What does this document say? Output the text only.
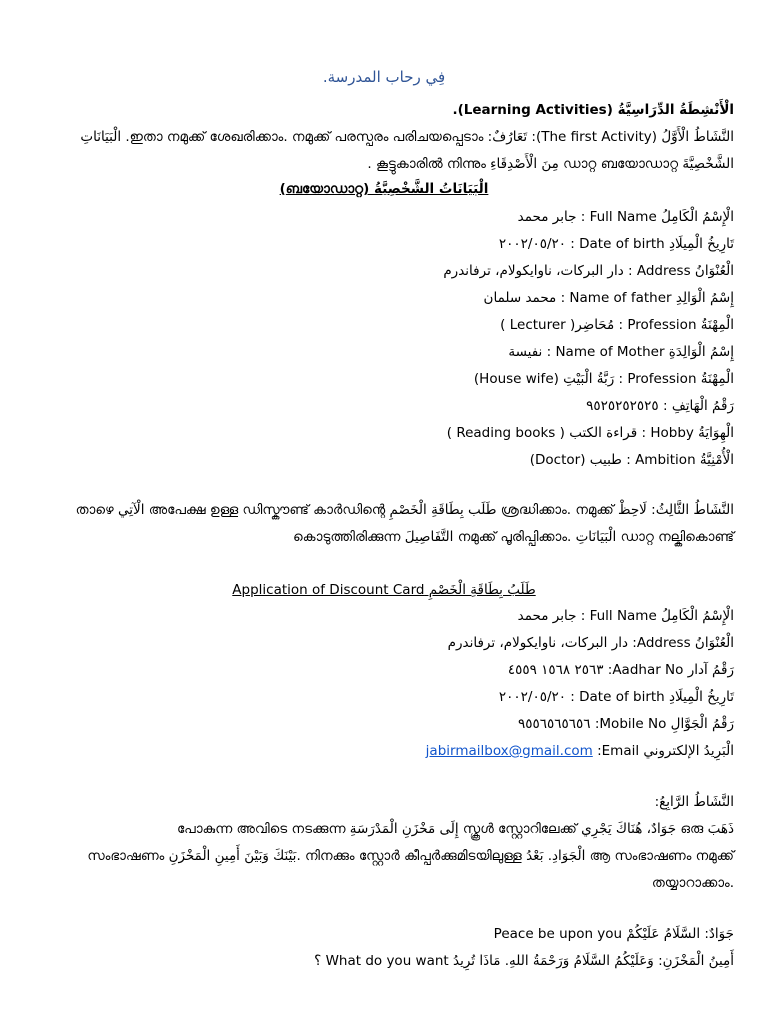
فِي رحاب المدرسة.
الْأَنْشِطَةُ الدِّرَاسِيَّةُ (Learning Activities).
النَّشَاطُ الْأَوَّلُ (The first Activity): تَعَارُفٌ: ഇതാ നമുക്ക് ശേഖരിക്കാം. നമുക്ക് പരസ്പരം പരിചയപ്പെടാം. الْبَيَانَاتِ
الشَّخْصِيَّةَ ഡാറ്റ ബയോഡാറ്റ مِنَ الْأَصْدِقَاءِ കൂട്ടുകാരില്‍ നിന്നും .
الْبَيَانَاتُ الشَّخْصِيَّةُ (ബയോഡാറ്റ)
الْإِسْمُ الْكَامِلُ Full Name : جابر محمد
تَارِيخُ الْمِيلَادِ Date of birth : ٢٠٠٢/٠٥/٢٠
الْعُنْوَانُ Address : دار البركات، ناوايكولام، ترفاندرم
إِسْمُ الْوَالِدِ Name of father : محمد سلمان
الْمِهْنَةُ Profession : مُحَاضِر( Lecturer )
إِسْمُ الْوَالِدَةِ Name of Mother : نفيسة
الْمِهْنَةُ Profession : رَبَّةُ الْبَيْتِ (House wife)
رَقْمُ الْهَاتِفِ : ٩٥٢٥٢٥٢٥٢٥
الْهِوَايَةُ Hobby : قراءة الكتب ( Reading books )
الْأُمْنِيَّةُ Ambition : طبيب (Doctor)
النَّشَاطُ الثَّالِثُ: لَاحِظْ ശ്രദ്ധിക്കാം. നമുക്ക് طَلَب بِطَاقَةِ الْخَصْمِ അപേക്ഷ ഉള്ള ഡിസ്കൗണ്ട് കാർഡിന്റെ الْآتِي താഴെ
കൊടുത്തിരിക്കുന്ന التَّفَاصِيلَ നമുക്ക് പൂരിപ്പിക്കാം. الْبَيَانَاتِ ഡാറ്റ നല്കികൊണ്ട്
طَلَبُ بِطَاقَةِ الْخَصْمِ Application of Discount Card
الْإِسْمُ الْكَامِلُ Full Name : جابر محمد
الْعُنْوَانُ Address: دار البركات، ناوايكولام، ترفاندرم
رَقْمُ آدار Aadhar No: ٢٥٦٣ ١٥٦٨ ٤٥٥٩
تَارِيخُ الْمِيلَادِ Date of birth : ٢٠٠٢/٠٥/٢٠
رَقْمُ الْجَوَّالِ Mobile No: ٩٥٥٦٥٦٥٦٥٦
الْبَرِيدُ الإلكتروني Email: jabirmailbox@gmail.com
النَّشَاطُ الرَّابِعُ:
ذَهَبَ ഒരു جَوَادٌ، هُنَاكَ يَجْرِي സ്കൂൾ സ്റ്റോറിലേക്ക് إِلَى مَخْزَنِ الْمَدْرَسَةِ പോകുന്ന അവിടെ നടക്കുന്ന
സംഭാഷണം بَيْنَكَ وَبَيْنَ أَمِينِ الْمَخْزَنِ. നിനക്കും സ്റ്റോർ കീപ്പർക്കുമിടയിലുള്ള الْجَوَادِ. بَعْدُ ആ സംഭാഷണം നമുക്ക്
തയ്യാറാക്കാം.
جَوَادٌ: السَّلَامُ عَلَيْكُمْ Peace be upon you
أَمِينُ الْمَخْزَنِ: وَعَلَيْكُمُ السَّلَامُ وَرَحْمَةُ اللهِ. مَاذَا تُرِيدُ What do you want ؟
